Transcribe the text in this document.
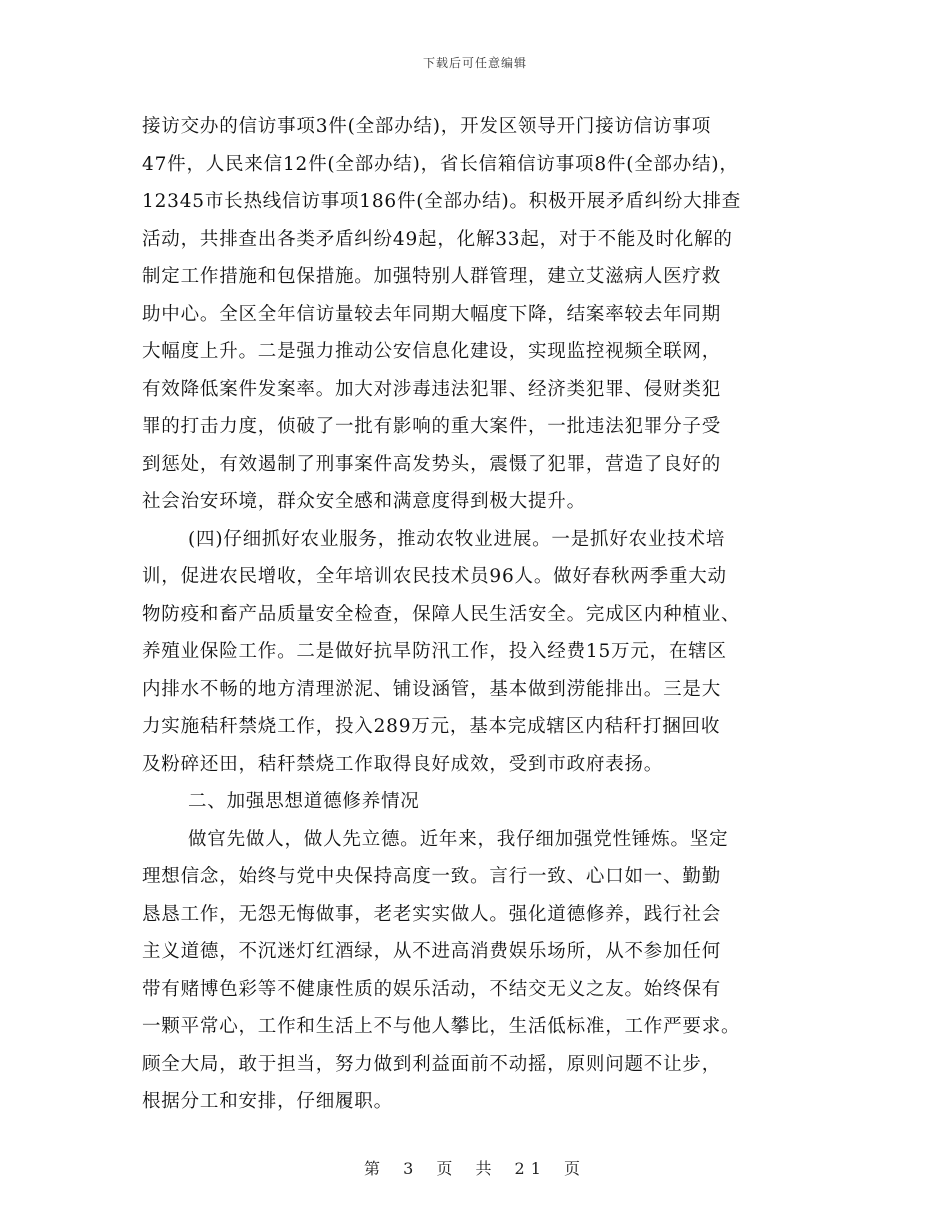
下载后可任意编辑
接访交办的信访事项3件(全部办结)，开发区领导开门接访信访事项
47件，人民来信12件(全部办结)，省长信箱信访事项8件(全部办结)，
12345市长热线信访事项186件(全部办结)。积极开展矛盾纠纷大排查
活动，共排查出各类矛盾纠纷49起，化解33起，对于不能及时化解的
制定工作措施和包保措施。加强特别人群管理，建立艾滋病人医疗救
助中心。全区全年信访量较去年同期大幅度下降，结案率较去年同期
大幅度上升。二是强力推动公安信息化建设，实现监控视频全联网，
有效降低案件发案率。加大对涉毒违法犯罪、经济类犯罪、侵财类犯
罪的打击力度，侦破了一批有影响的重大案件，一批违法犯罪分子受
到惩处，有效遏制了刑事案件高发势头，震慑了犯罪，营造了良好的
社会治安环境，群众安全感和满意度得到极大提升。
(四)仔细抓好农业服务，推动农牧业进展。一是抓好农业技术培
训，促进农民增收，全年培训农民技术员96人。做好春秋两季重大动
物防疫和畜产品质量安全检查，保障人民生活安全。完成区内种植业、
养殖业保险工作。二是做好抗旱防汛工作，投入经费15万元，在辖区
内排水不畅的地方清理淤泥、铺设涵管，基本做到涝能排出。三是大
力实施秸秆禁烧工作，投入289万元，基本完成辖区内秸秆打捆回收
及粉碎还田，秸秆禁烧工作取得良好成效，受到市政府表扬。
二、加强思想道德修养情况
做官先做人，做人先立德。近年来，我仔细加强党性锤炼。坚定
理想信念，始终与党中央保持高度一致。言行一致、心口如一、勤勤
恳恳工作，无怨无悔做事，老老实实做人。强化道德修养，践行社会
主义道德，不沉迷灯红酒绿，从不进高消费娱乐场所，从不参加任何
带有赌博色彩等不健康性质的娱乐活动，不结交无义之友。始终保有
一颗平常心，工作和生活上不与他人攀比，生活低标准，工作严要求。
顾全大局，敢于担当，努力做到利益面前不动摇，原则问题不让步，
根据分工和安排，仔细履职。
第 3 页 共 21 页
